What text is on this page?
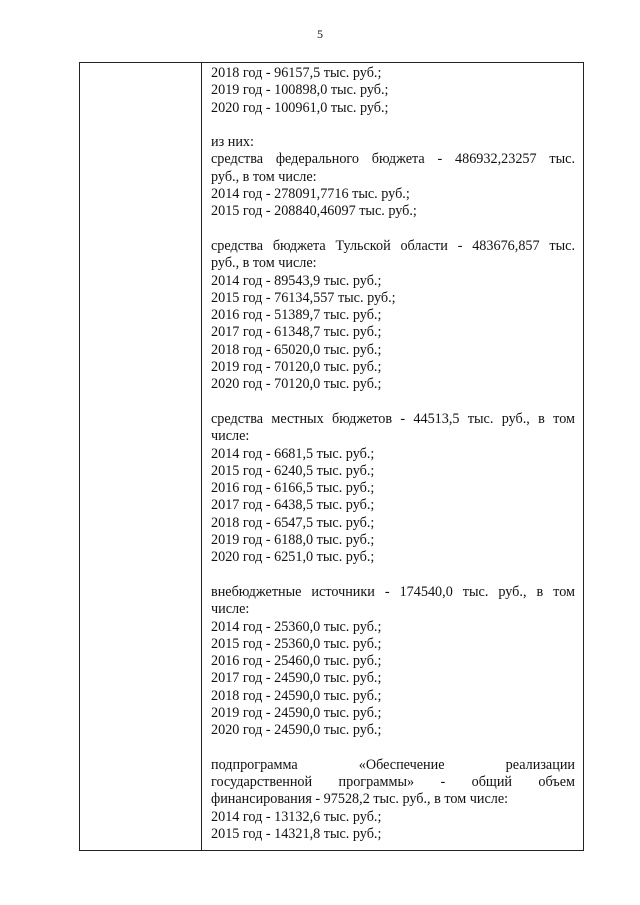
5
2018 год - 96157,5 тыс. руб.;
2019 год - 100898,0 тыс. руб.;
2020 год - 100961,0 тыс. руб.;
из них:
средства федерального бюджета - 486932,23257 тыс.
руб., в том числе:
2014 год - 278091,7716 тыс. руб.;
2015 год - 208840,46097 тыс. руб.;
средства бюджета Тульской области - 483676,857 тыс.
руб., в том числе:
2014 год - 89543,9 тыс. руб.;
2015 год - 76134,557 тыс. руб.;
2016 год - 51389,7 тыс. руб.;
2017 год - 61348,7 тыс. руб.;
2018 год - 65020,0 тыс. руб.;
2019 год - 70120,0 тыс. руб.;
2020 год - 70120,0 тыс. руб.;
средства местных бюджетов - 44513,5 тыс. руб., в том
числе:
2014 год - 6681,5 тыс. руб.;
2015 год - 6240,5 тыс. руб.;
2016 год - 6166,5 тыс. руб.;
2017 год - 6438,5 тыс. руб.;
2018 год - 6547,5 тыс. руб.;
2019 год - 6188,0 тыс. руб.;
2020 год - 6251,0 тыс. руб.;
внебюджетные источники - 174540,0 тыс. руб., в том
числе:
2014 год - 25360,0 тыс. руб.;
2015 год - 25360,0 тыс. руб.;
2016 год - 25460,0 тыс. руб.;
2017 год - 24590,0 тыс. руб.;
2018 год - 24590,0 тыс. руб.;
2019 год - 24590,0 тыс. руб.;
2020 год - 24590,0 тыс. руб.;
подпрограмма «Обеспечение реализации
государственной программы» - общий объем
финансирования - 97528,2 тыс. руб., в том числе:
2014 год - 13132,6 тыс. руб.;
2015 год - 14321,8 тыс. руб.;
